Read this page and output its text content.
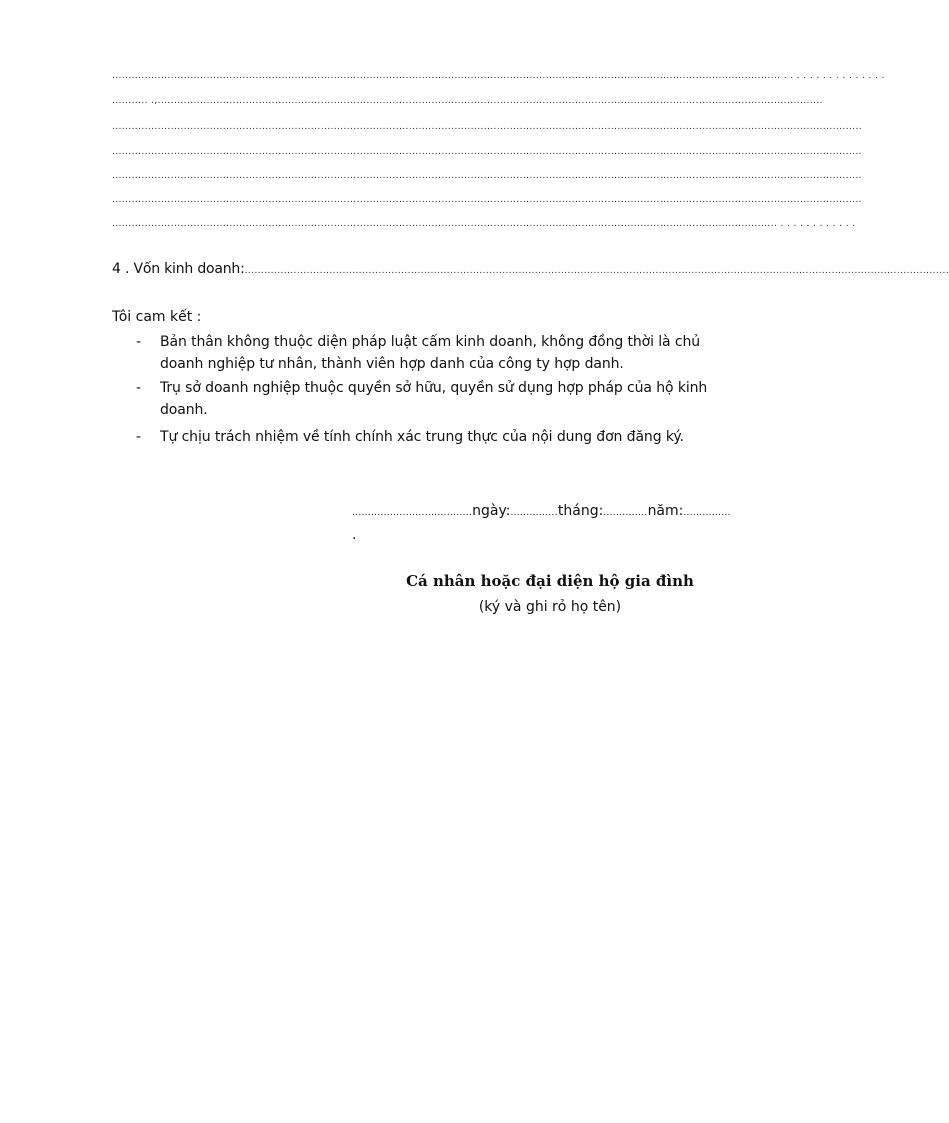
............................................................................................................................................................................................................. . . . . . . . . . . . . . . . .
........... .,............................................................................................................................................................................................................
......................................................................................................................................................................................................................................
......................................................................................................................................................................................................................................
......................................................................................................................................................................................................................................
......................................................................................................................................................................................................................................
............................................................................................................................................................................................................ . . . . . . . . . . . .
4 . Vốn kinh doanh:........................................................................................................................................................................................................................
Tôi cam kết :
- Bản thân không thuộc diện pháp luật cấm kinh doanh, không đồng thời là chủ doanh nghiệp tư nhân, thành viên hợp danh của công ty hợp danh.
- Trụ sở doanh nghiệp thuộc quyền sở hữu, quyền sử dụng hợp pháp của hộ kinh doanh.
- Tự chịu trách nhiệm về tính chính xác trung thực của nội dung đơn đăng ký.
......................................ngày:...............tháng:..............năm:...............
.
Cá nhân hoặc đại diện hộ gia đình
(ký và ghi rỏ họ tên)
